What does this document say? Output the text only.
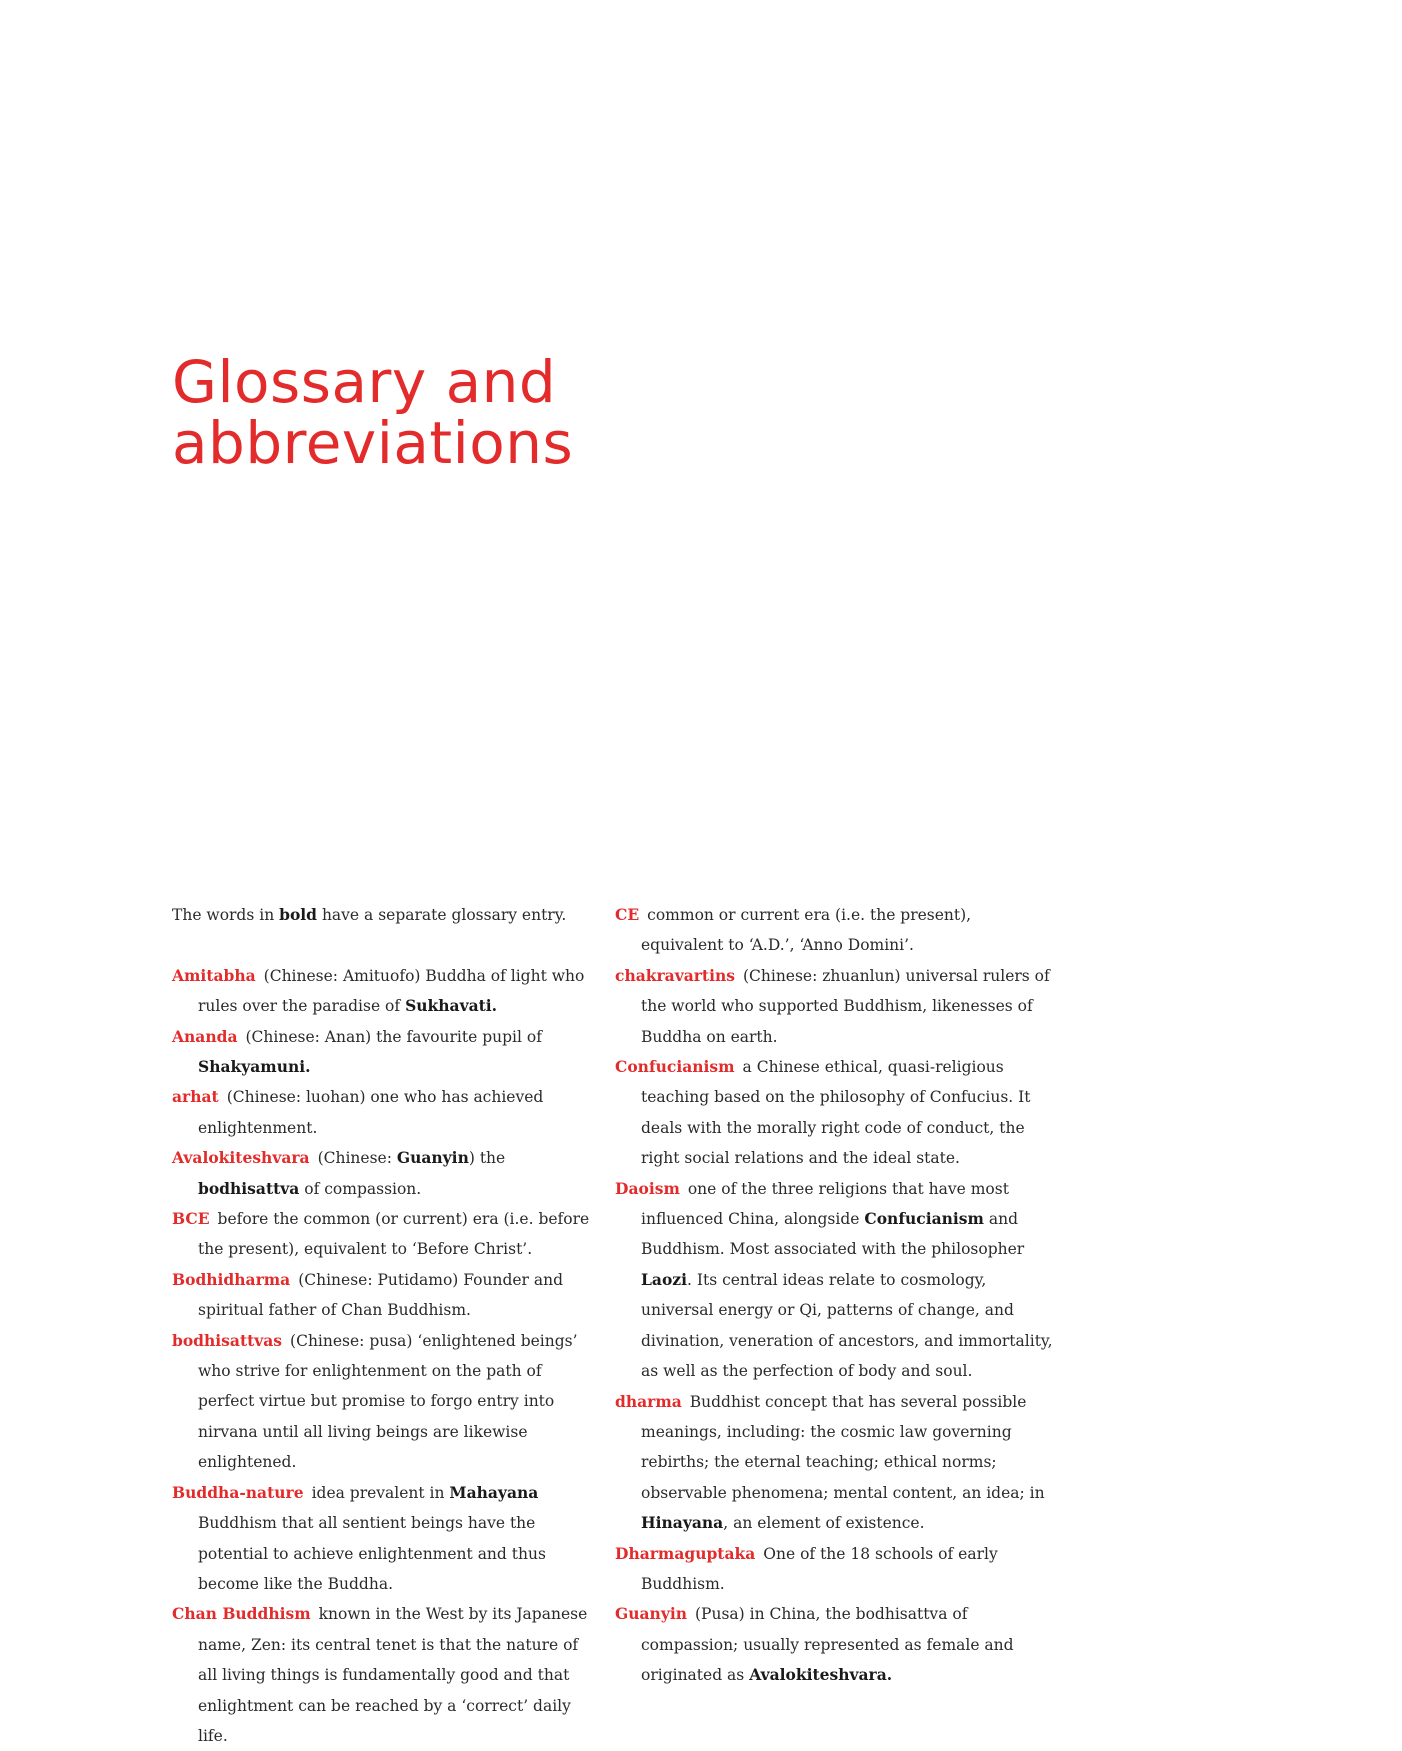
Glossary and
abbreviations

The words in bold have a separate glossary entry.

Amitabha (Chinese: Amituofo) Buddha of light who rules over the paradise of Sukhavati.

Ananda (Chinese: Anan) the favourite pupil of Shakyamuni.

arhat (Chinese: luohan) one who has achieved enlightenment.

Avalokiteshvara (Chinese: Guanyin) the bodhisattva of compassion.

BCE before the common (or current) era (i.e. before the present), equivalent to ‘Before Christ’.

Bodhidharma (Chinese: Putidamo) Founder and spiritual father of Chan Buddhism.

bodhisattvas (Chinese: pusa) ‘enlightened beings’ who strive for enlightenment on the path of perfect virtue but promise to forgo entry into nirvana until all living beings are likewise enlightened.

Buddha-nature idea prevalent in Mahayana Buddhism that all sentient beings have the potential to achieve enlightenment and thus become like the Buddha.

Chan Buddhism known in the West by its Japanese name, Zen: its central tenet is that the nature of all living things is fundamentally good and that enlightment can be reached by a ‘correct’ daily life.

CE common or current era (i.e. the present), equivalent to ‘A.D.’, ‘Anno Domini’.

chakravartins (Chinese: zhuanlun) universal rulers of the world who supported Buddhism, likenesses of Buddha on earth.

Confucianism a Chinese ethical, quasi-religious teaching based on the philosophy of Confucius. It deals with the morally right code of conduct, the right social relations and the ideal state.

Daoism one of the three religions that have most influenced China, alongside Confucianism and Buddhism. Most associated with the philosopher Laozi. Its central ideas relate to cosmology, universal energy or Qi, patterns of change, and divination, veneration of ancestors, and immortality, as well as the perfection of body and soul.

dharma Buddhist concept that has several possible meanings, including: the cosmic law governing rebirths; the eternal teaching; ethical norms; observable phenomena; mental content, an idea; in Hinayana, an element of existence.

Dharmaguptaka One of the 18 schools of early Buddhism.

Guanyin (Pusa) in China, the bodhisattva of compassion; usually represented as female and originated as Avalokiteshvara.
